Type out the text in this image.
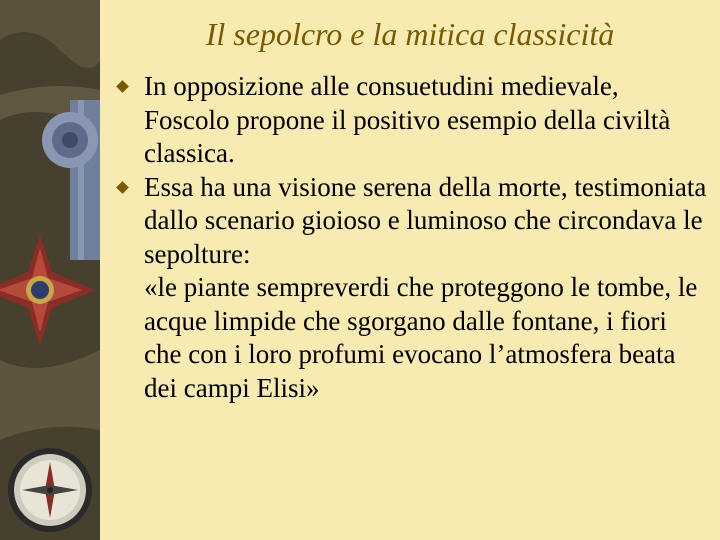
Il sepolcro e la mitica classicità
In opposizione alle consuetudini medievale, Foscolo propone il positivo esempio della civiltà classica.
Essa ha una visione serena della morte, testimoniata dallo scenario gioioso e luminoso che circondava le sepolture:
«le piante sempreverdi che proteggono le tombe, le acque limpide che sgorgano dalle fontane, i fiori che con i loro profumi evocano l’atmosfera beata dei campi Elisi»
